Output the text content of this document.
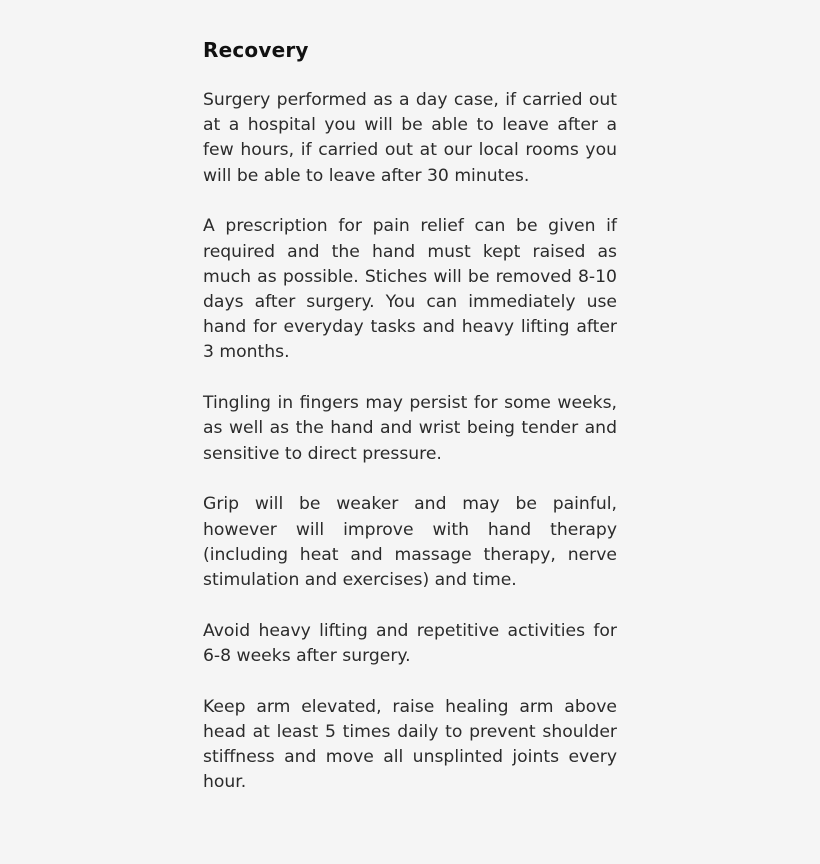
Recovery

Surgery performed as a day case, if carried out at a hospital you will be able to leave after a few hours, if carried out at our local rooms you will be able to leave after 30 minutes.

A prescription for pain relief can be given if required and the hand must kept raised as much as possible. Stiches will be removed 8-10 days after surgery. You can immediately use hand for everyday tasks and heavy lifting after 3 months.

Tingling in fingers may persist for some weeks, as well as the hand and wrist being tender and sensitive to direct pressure.

Grip will be weaker and may be painful, however will improve with hand therapy (including heat and massage therapy, nerve stimulation and exercises) and time.

Avoid heavy lifting and repetitive activities for 6-8 weeks after surgery.

Keep arm elevated, raise healing arm above head at least 5 times daily to prevent shoulder stiffness and move all unsplinted joints every hour.
